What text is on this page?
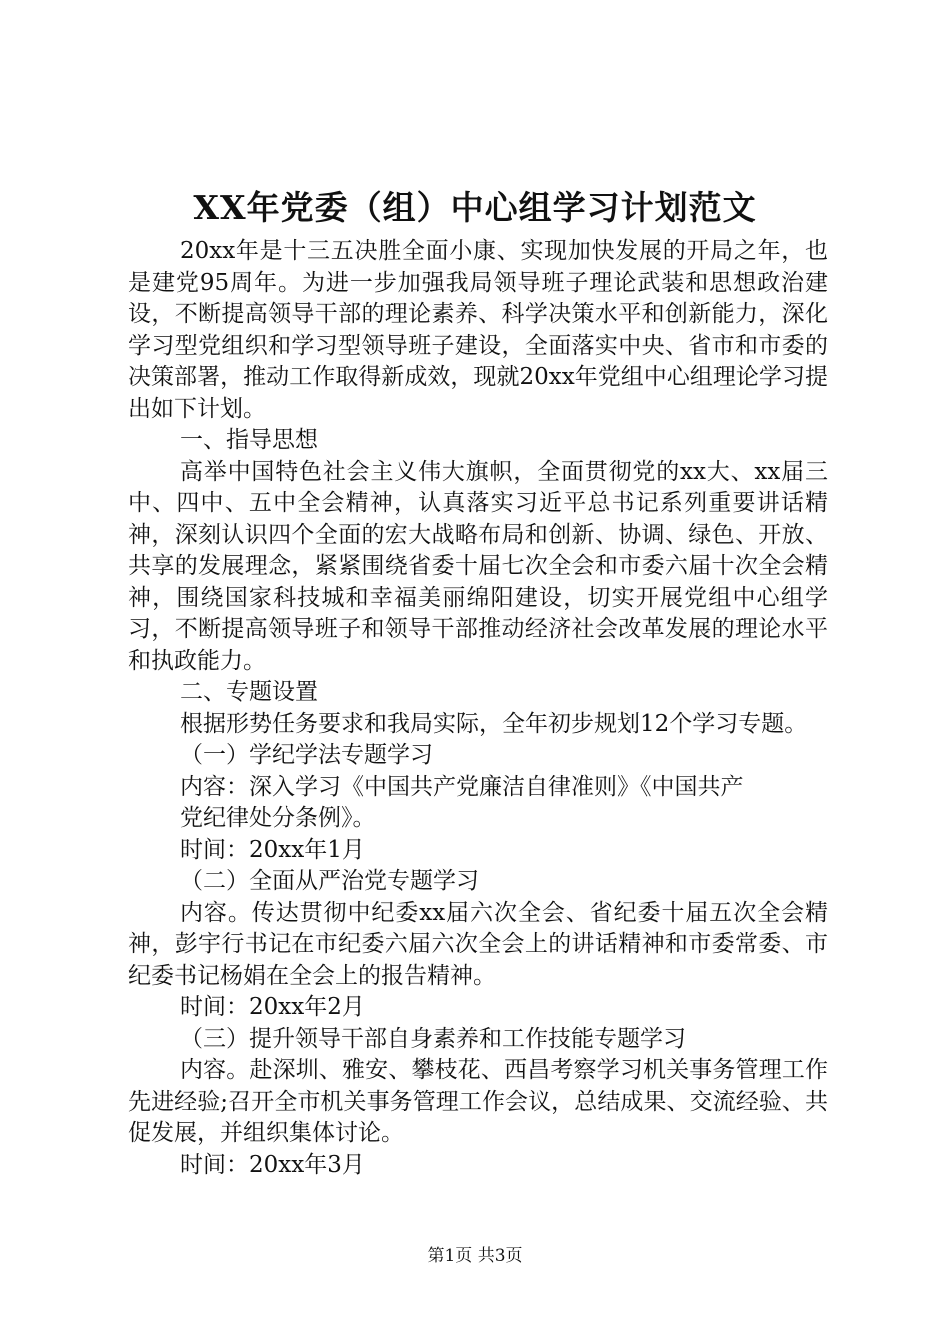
XX年党委（组）中心组学习计划范文

20xx年是十三五决胜全面小康、实现加快发展的开局之年，也是建党95周年。为进一步加强我局领导班子理论武装和思想政治建设，不断提高领导干部的理论素养、科学决策水平和创新能力，深化学习型党组织和学习型领导班子建设，全面落实中央、省市和市委的决策部署，推动工作取得新成效，现就20xx年党组中心组理论学习提出如下计划。

一、指导思想

高举中国特色社会主义伟大旗帜，全面贯彻党的xx大、xx届三中、四中、五中全会精神，认真落实习近平总书记系列重要讲话精神，深刻认识四个全面的宏大战略布局和创新、协调、绿色、开放、共享的发展理念，紧紧围绕省委十届七次全会和市委六届十次全会精神，围绕国家科技城和幸福美丽绵阳建设，切实开展党组中心组学习，不断提高领导班子和领导干部推动经济社会改革发展的理论水平和执政能力。

二、专题设置

根据形势任务要求和我局实际，全年初步规划12个学习专题。

（一）学纪学法专题学习

内容：深入学习《中国共产党廉洁自律准则》《中国共产
党纪律处分条例》。

时间：20xx年1月

（二）全面从严治党专题学习

内容。传达贯彻中纪委xx届六次全会、省纪委十届五次全会精神，彭宇行书记在市纪委六届六次全会上的讲话精神和市委常委、市纪委书记杨娟在全会上的报告精神。

时间：20xx年2月

（三）提升领导干部自身素养和工作技能专题学习

内容。赴深圳、雅安、攀枝花、西昌考察学习机关事务管理工作先进经验;召开全市机关事务管理工作会议，总结成果、交流经验、共促发展，并组织集体讨论。

时间：20xx年3月

第1页 共3页
